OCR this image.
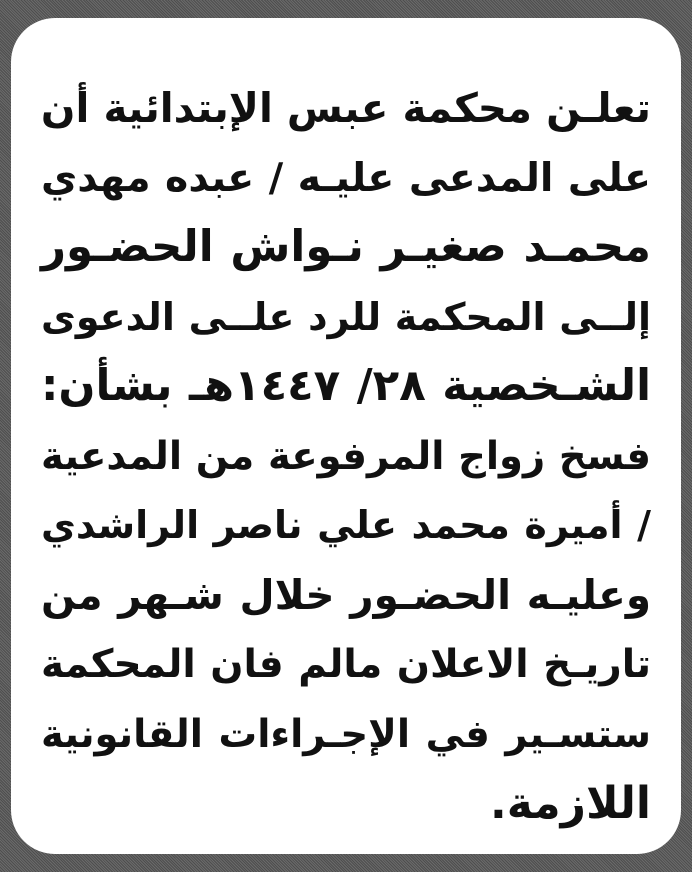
تعلـن محكمة عبس الإبتدائية أن
على المدعى عليـه / عبده مهدي
محمـد صغيـر نـواش الحضـور
إلــى المحكمة للرد علــى الدعوى
الشـخصية ٢٨/ ١٤٤٧هـ بشأن:
فسخ زواج المرفوعة من المدعية
/ أميرة محمد علي ناصر الراشدي
وعليـه الحضـور خلال شـهر من
تاريـخ الاعلان مالم فان المحكمة
ستسـير في الإجـراءات القانونية
اللازمة.
